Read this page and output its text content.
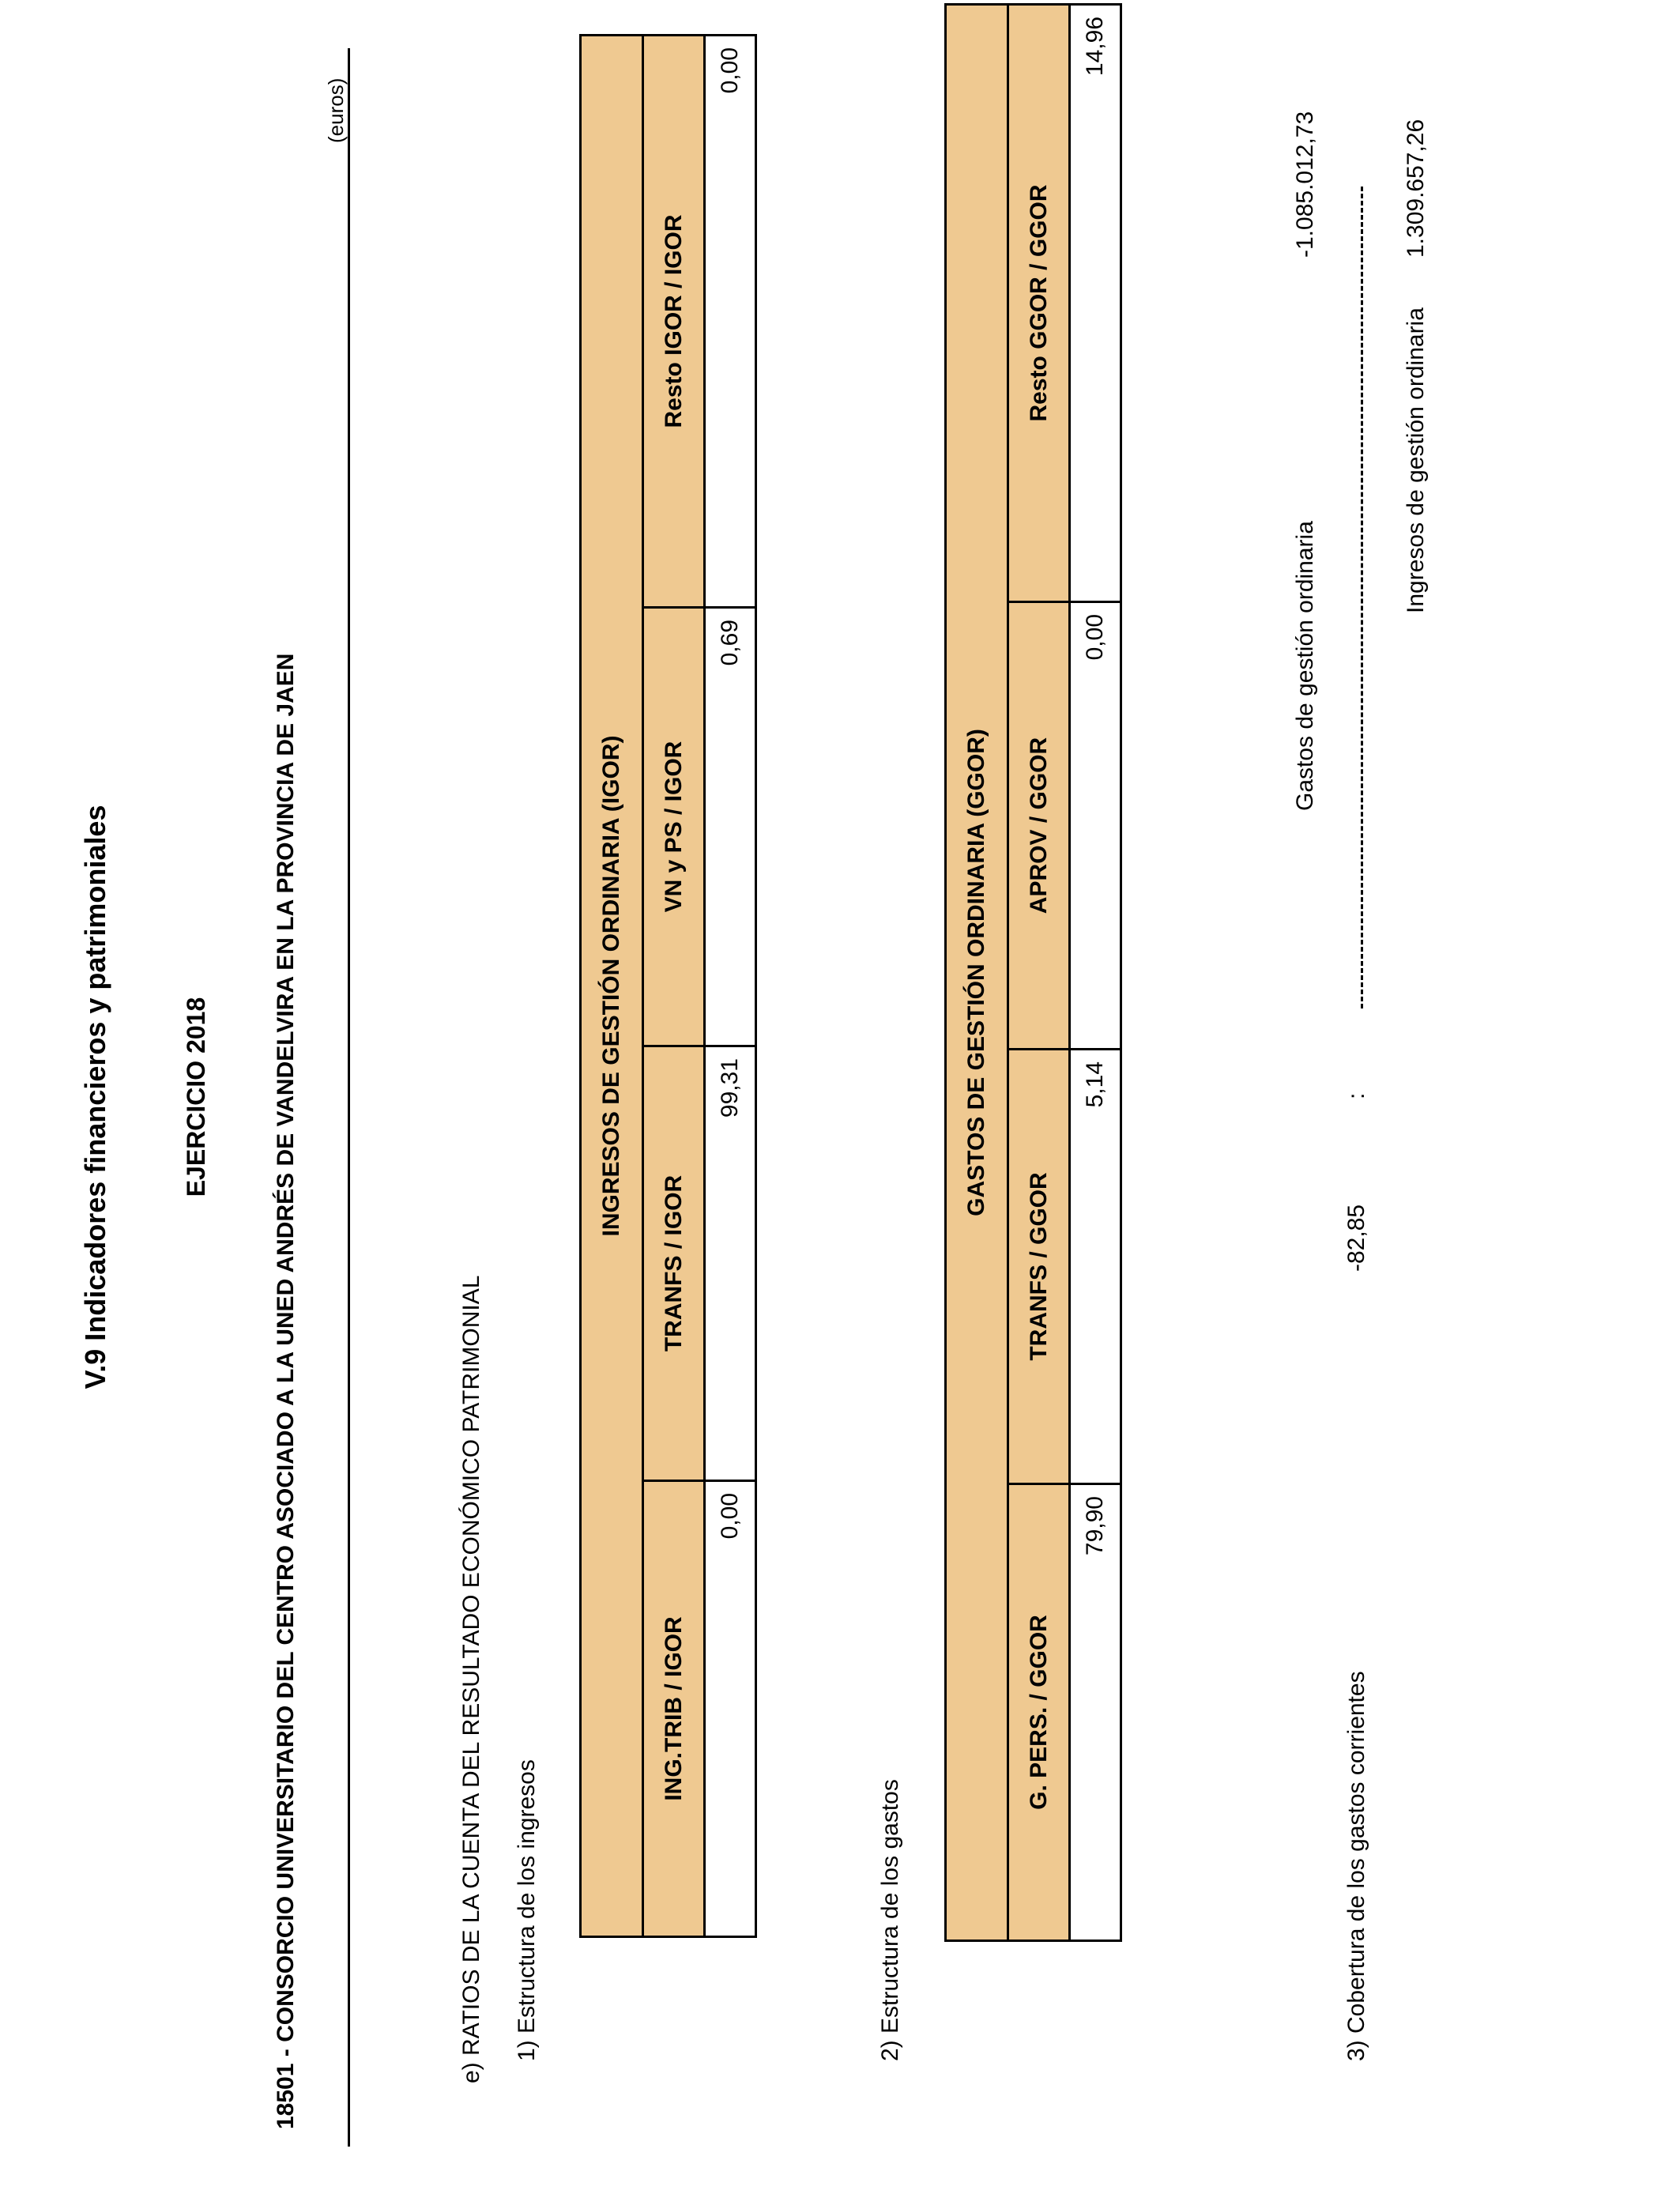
V.9 Indicadores financieros y patrimoniales	EJERCICIO 2018	18501 - CONSORCIO UNIVERSITARIO DEL CENTRO ASOCIADO A LA UNED ANDRÉS DE VANDELVIRA EN LA PROVINCIA DE JAEN
(euros)
e) RATIOS DE LA CUENTA DEL RESULTADO ECONÓMICO PATRIMONIAL 1) Estructura de los ingresos
INGRESOS DE GESTIÓN ORDINARIA (IGOR)			
ING.TRIB / IGOR	TRANFS / IGOR	VN y PS / IGOR	Resto IGOR / IGOR
0,00	99,31	0,69	0,00
2) Estructura de los gastos
GASTOS DE GESTIÓN ORDINARIA (GGOR)			
G. PERS. / GGOR	TRANFS / GGOR	APROV / GGOR	Resto GGOR / GGOR
79,90	5,14	0,00	14,96
3) Cobertura de los gastos corrientes
-82,85
:
Gastos de gestión ordinaria
-1.085.012,73
Ingresos de gestión ordinaria
1.309.657,26
